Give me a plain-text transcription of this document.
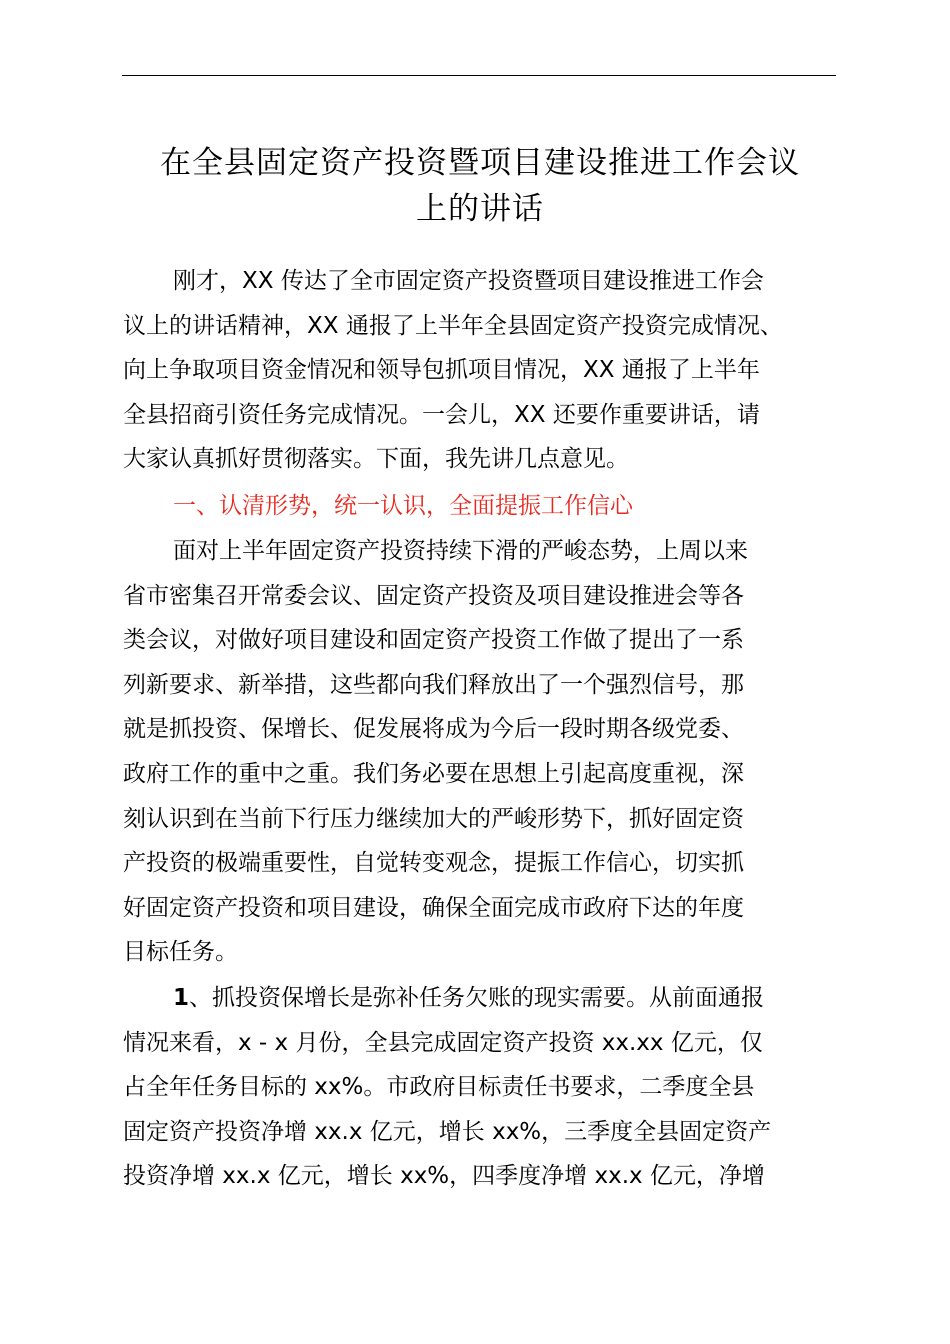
在全县固定资产投资暨项目建设推进工作会议
上的讲话
刚才，XX 传达了全市固定资产投资暨项目建设推进工作会
议上的讲话精神，XX 通报了上半年全县固定资产投资完成情况、
向上争取项目资金情况和领导包抓项目情况，XX 通报了上半年
全县招商引资任务完成情况。一会儿，XX 还要作重要讲话，请
大家认真抓好贯彻落实。下面，我先讲几点意见。
一、认清形势，统一认识，全面提振工作信心
面对上半年固定资产投资持续下滑的严峻态势，上周以来
省市密集召开常委会议、固定资产投资及项目建设推进会等各
类会议，对做好项目建设和固定资产投资工作做了提出了一系
列新要求、新举措，这些都向我们释放出了一个强烈信号，那
就是抓投资、保增长、促发展将成为今后一段时期各级党委、
政府工作的重中之重。我们务必要在思想上引起高度重视，深
刻认识到在当前下行压力继续加大的严峻形势下，抓好固定资
产投资的极端重要性，自觉转变观念，提振工作信心，切实抓
好固定资产投资和项目建设，确保全面完成市政府下达的年度
目标任务。
1、抓投资保增长是弥补任务欠账的现实需要。从前面通报
情况来看，x - x 月份，全县完成固定资产投资 xx.xx 亿元，仅
占全年任务目标的 xx%。市政府目标责任书要求，二季度全县
固定资产投资净增 xx.x 亿元，增长 xx%，三季度全县固定资产
投资净增 xx.x 亿元，增长 xx%，四季度净增 xx.x 亿元，净增
